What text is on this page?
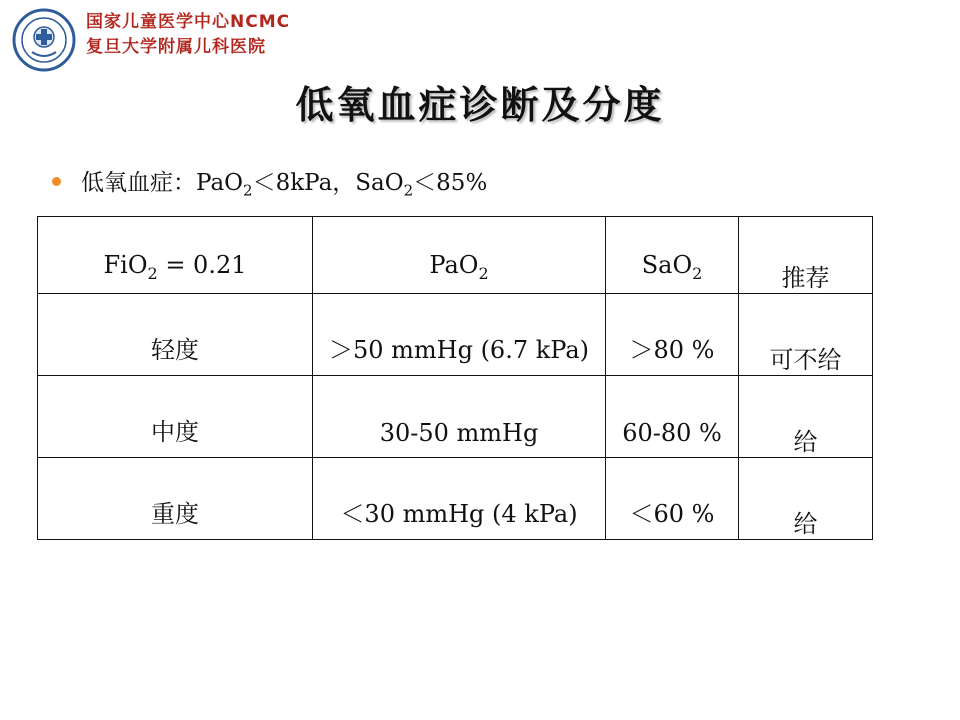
国家儿童医学中心NCMC
复旦大学附属儿科医院
低氧血症诊断及分度
低氧血症：PaO$_2$＜8kPa，SaO$_2$＜85%
FiO$_2$ = 0.21	PaO$_2$	SaO$_2$	推荐

轻度	＞50 mmHg (6.7 kPa)	＞80 %	可不给

中度	30-50 mmHg	60-80 %	给

重度	＜30 mmHg (4 kPa)	＜60 %	给
